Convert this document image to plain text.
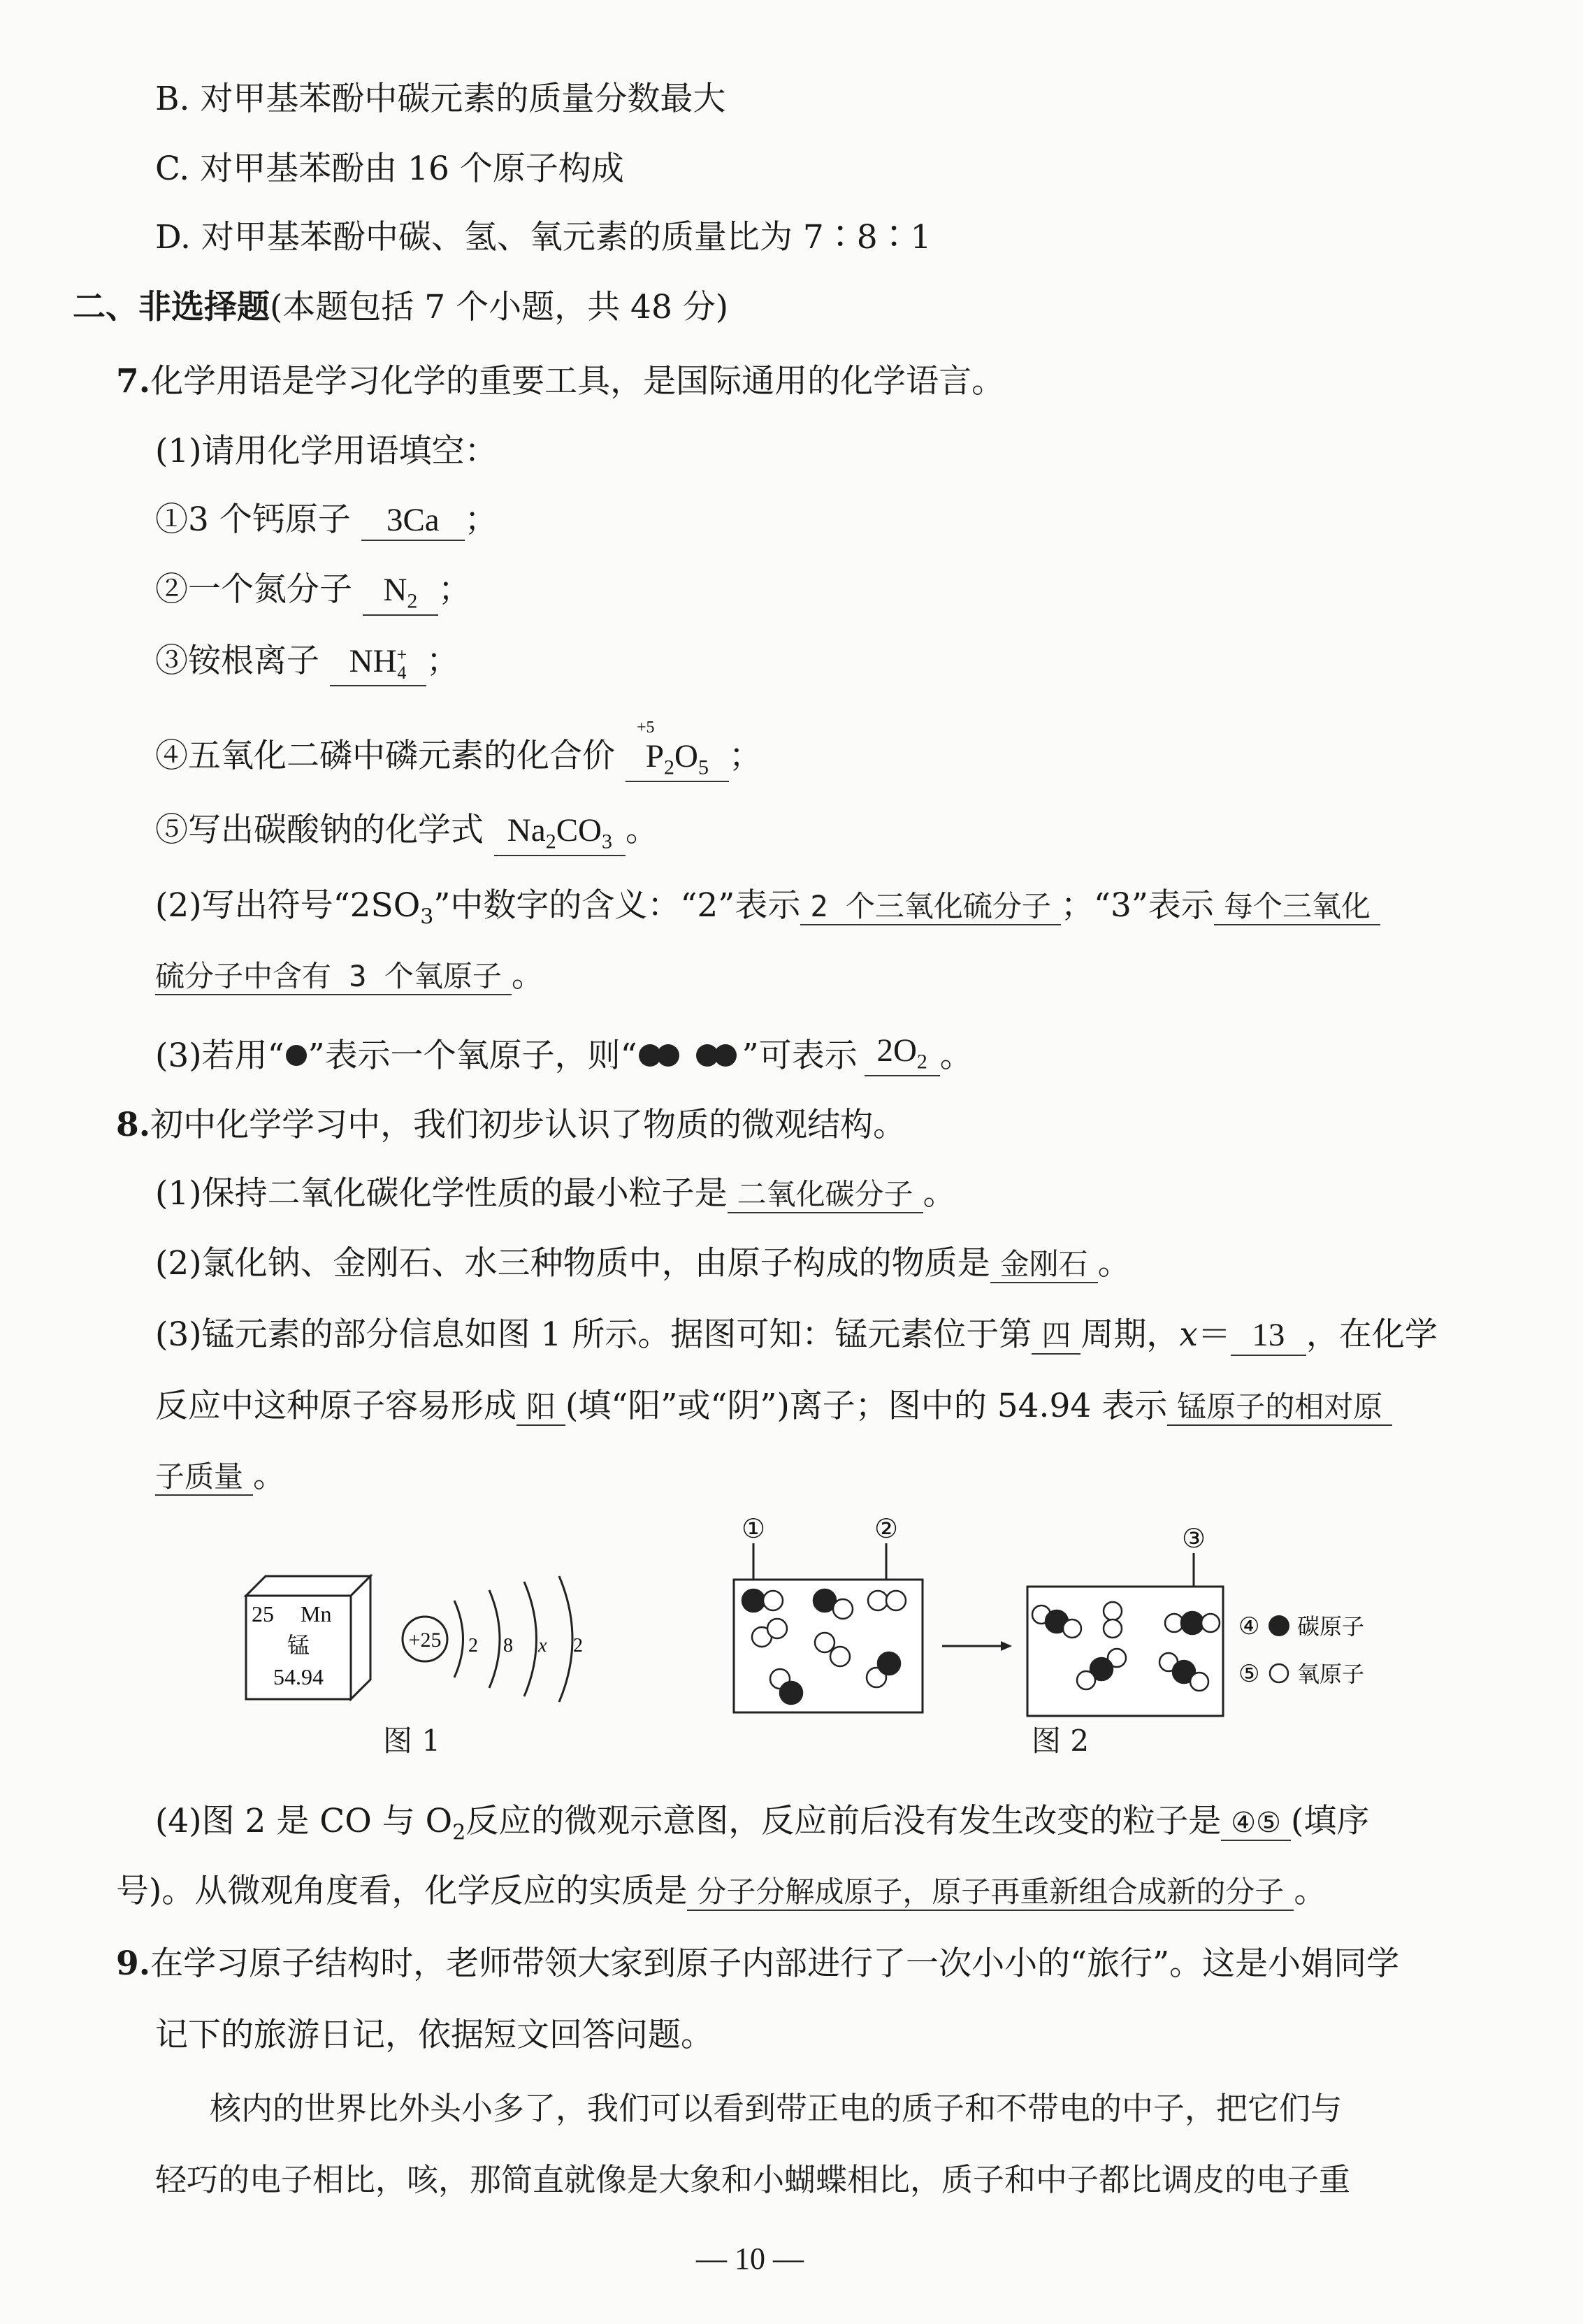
B. 对甲基苯酚中碳元素的质量分数最大
C. 对甲基苯酚由 16 个原子构成
D. 对甲基苯酚中碳、氢、氧元素的质量比为 7∶8∶1
二、非选择题(本题包括 7 个小题，共 48 分)
7.化学用语是学习化学的重要工具，是国际通用的化学语言。
(1)请用化学用语填空：
①3 个钙原子 3Ca ；
②一个氮分子 $N_2$ ；
③铵根离子 NH +
4 ；
④五氧化二磷中磷元素的化合价
+5
$P_2O_5$ ；
⑤写出碳酸钠的化学式 $Na_2CO_3$ 。
(2)写出符号“$2SO_3$”中数字的含义：“2”表示 2 个三氧化硫分子 ；“3”表示 每个三氧化
硫分子中含有 3 个氧原子 。
(3)若用“ ”表示一个氧原子，则“	”可表示 $2O_2$ 。
8.初中化学学习中，我们初步认识了物质的微观结构。
(1)保持二氧化碳化学性质的最小粒子是 二氧化碳分子 。
(2)氯化钠、金刚石、水三种物质中，由原子构成的物质是 金刚石 。
(3)锰元素的部分信息如图 1 所示。据图可知：锰元素位于第 四 周期，x＝ 13 ，在化学
反应中这种原子容易形成 阳 (填“阳”或“阴”)离子；图中的 54.94 表示 锰原子的相对原
子质量 。
25 Mn
锰
54.94
+25 2 8 x 2
图 1
①	②	③
④ 碳原子
⑤ 氧原子
图 2
(4)图 2 是 CO 与 $O_2$反应的微观示意图，反应前后没有发生改变的粒子是 ④⑤ (填序
号)。从微观角度看，化学反应的实质是 分子分解成原子，原子再重新组合成新的分子 。
9.在学习原子结构时，老师带领大家到原子内部进行了一次小小的“旅行”。这是小娟同学
记下的旅游日记，依据短文回答问题。
核内的世界比外头小多了，我们可以看到带正电的质子和不带电的中子，把它们与
轻巧的电子相比，咳，那简直就像是大象和小蝴蝶相比，质子和中子都比调皮的电子重
— 10 —
